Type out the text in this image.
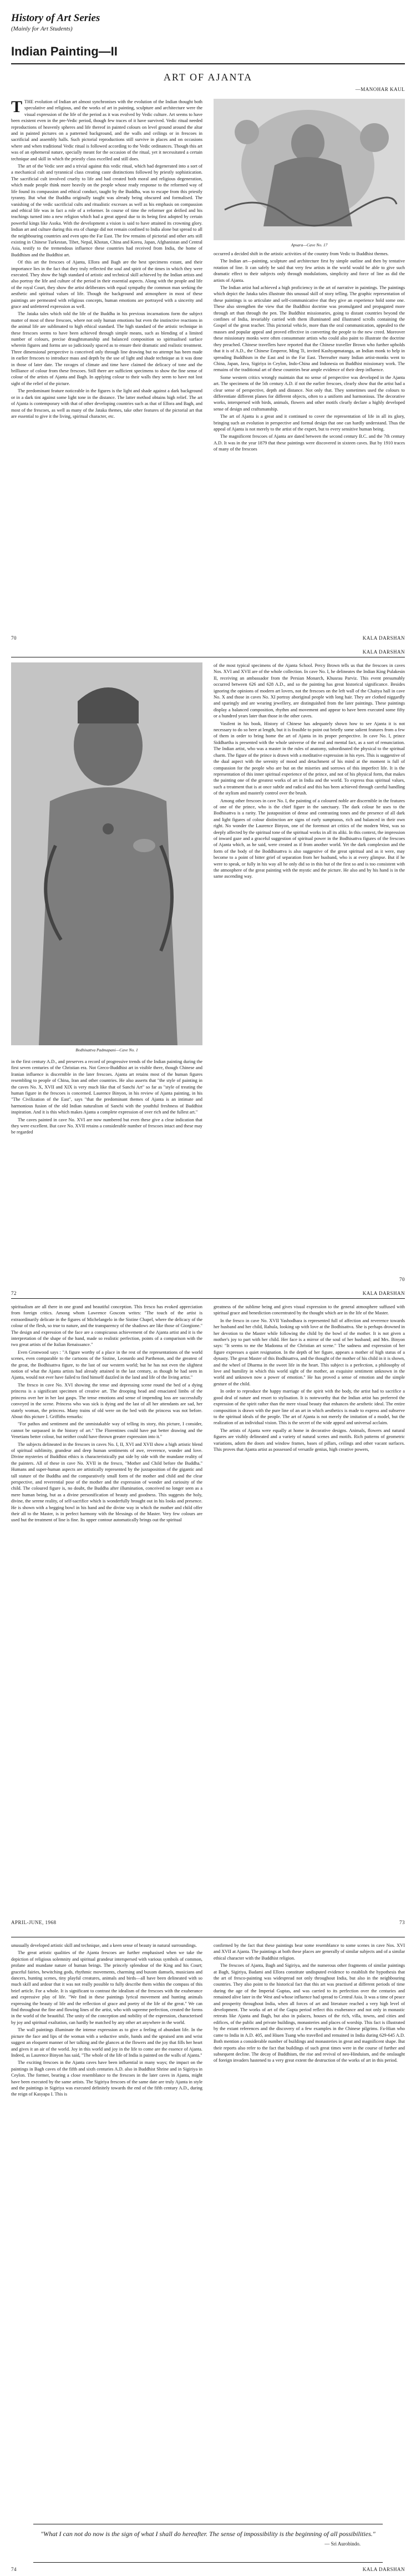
History of Art Series
(Mainly for Art Students)
Indian Painting—II
ART OF AJANTA
—MANOHAR KAUL

TTHE evolution of Indian art almost synchronises with the evolution of the Indian thought both speculative and religious, and the works of art in painting, sculpture and architecture were the visual expression of the life of the period as it was evolved by Vedic culture. Art seems to have been existent even in the pre-Vedic period, though few traces of it have survived. Vedic ritual needed reproductions of heavenly spheres and life thereof in painted colours on level ground around the altar and in painted pictures on a patterned background, and the walls and ceilings or in frescoes in sacrificial and assembly halls. Such pictorial reproductions still survive in places and on occasions where and when traditional Vedic ritual is followed according to the Vedic ordinances. Though this art was of an ephemeral nature, specially meant for the occasion of the ritual, yet it necessitated a certain technique and skill in which the priestly class excelled and still does.

The art of the Vedic seer and a trivial against this vedic ritual, which had degenerated into a sort of a mechanical cult and tyrannical class creating caste distinctions followed by priestly sophistication. The sacrificial cult involved cruelty to life and had created both moral and religious degeneration, which made people think more heavily on the people whose ready response to the reformed way of life found its compassion and ethical conduct, taught by the Buddha, was to escape from this priestly tyranny. But what the Buddha originally taught was already being obscured and formalised. The vanishing of the vedic sacrificial cults and ritualistic excesses as well as his emphasis on compassion and ethical life was in fact a role of a reformer. In course of time the reformer got deified and his teachings turned into a new religion which had a great appeal due to its being first adopted by certain powerful kings like Asoka. With the development a vision is said to have attained its crowning glory. Indian art and culture during this era of change did not remain confined to India alone but spread to all the neighbouring countries and even upto the Far East. The few remains of pictorial and other arts still existing in Chinese Turkestan, Tibet, Nepal, Khotan, China and Korea, Japan, Afghanistan and Central Asia, testify to the tremendous influence these countries had received from India, the home of Buddhism and the Buddhist art.

Of this art the frescoes of Ajanta, Ellora and Bagh are the best specimens extant, and their importance lies in the fact that they truly reflected the soul and spirit of the times in which they were executed. They show the high standard of artistic and technical skill achieved by the Indian artists and also portray the life and culture of the period in their essential aspects. Along with the people and life of the royal Court, they show the artist deliberates with equal sympathy the common man seeking the aesthetic and spiritual values of life. Though the background and atmosphere in most of these paintings are permeated with religious concepts, human emotions are portrayed with a sincerity and grace and unfettered expression as well.

The Jataka tales which told the life of the Buddha in his previous incarnations form the subject matter of most of these frescoes, where not only human emotions but even the instinctive reactions in the animal life are sublimated to high ethical standard. The high standard of the artistic technique in these frescoes seems to have been achieved through simple means, such as blending of a limited number of colours, precise draughtsmanship and balanced composition so spiritualised surface wherein figures and forms are so judiciously spaced as to ensure their dramatic and realistic treatment. Three dimensional perspective is conceived only through line drawing but no attempt has been made in earlier frescoes to introduce mass and depth by the use of light and shade technique as it was done in those of later date. The ravages of climate and time have claimed the delicacy of tone and the brilliance of colour from these frescoes. Still there are sufficient specimens to show the fine sense of colour of the artists of Ajanta and Bagh. In applying colour to their walls they seem to have not lost sight of the relief of the picture.

The predominant feature noticeable in the figures is the light and shade against a dark background or in a dark tint against some light tone in the distance. The latter method obtains high relief. The art of Ajanta is contemporary with that of other developing countries such as that of Ellora and Bagh, and most of the frescoes, as well as many of the Jataka themes, take other features of the pictorial art that are essential to give it the living, spiritual character, etc.

Apsara—Cave No. 17

occurred a decided shift in the artistic activities of the country from Vedic to Buddhist themes.

The Indian art—painting, sculpture and architecture first by simple outline and then by tentative rotation of line. It can safely be said that very few artists in the world would be able to give such dramatic effect to their subjects only through modulations, simplicity and force of line as did the artists of Ajanta.

The Indian artist had achieved a high proficiency in the art of narrative in paintings. The paintings which depict the Jataka tales illustrate this unusual skill of story telling. The graphic representation of these paintings is so articulate and self-communicative that they give an experience hold some one. These also strengthen the view that the Buddhist doctrine was promulgated and propagated more through art than through the pen. The Buddhist missionaries, going to distant countries beyond the confines of India, invariably carried with them illuminated and illustrated scrolls containing the Gospel of the great teacher. This pictorial vehicle, more than the oral communication, appealed to the masses and popular appeal and proved effective in converting the people to the new creed. Moreover these missionary monks were often consummate artists who could also paint to illustrate the doctrine they preached. Chinese travellers have reported that the Chinese traveller Brown who further upholds that it is of A.D., the Chinese Emperor, Ming Ti, invited Kashyapmatanga, an Indian monk to help in spreading Buddhism in the East and in the Far East. Thereafter many Indian artist-monks went to China, Japan, Java, Sigiriya in Ceylon, Indo-China and Indonesia on Buddhist missionary work. The remains of the traditional art of these countries bear ample evidence of their deep influence.

Some western critics wrongly maintain that no sense of perspective was developed in the Ajanta art. The specimens of the 5th century A.D. if not the earlier frescoes, clearly show that the artist had a clear sense of perspective, depth and distance. Not only that. They sometimes used the colours to differentiate different planes for different objects, often to a uniform and harmonious. The decorative works, interspersed with birds, animals, flowers and other motifs clearly declare a highly developed sense of design and craftsmanship.

The art of Ajanta is a great and it continued to cover the representation of life in all its glory, bringing such an evolution in perspective and formal design that one can hardly understand. Thus the appeal of Ajanta is not merely to the artist of the expert, but to every sensitive human being.

The magnificent frescoes of Ajanta are dated between the second century B.C. and the 7th century A.D. It was in the year 1879 that these paintings were discovered in sixteen caves. But by 1910 traces of many of the frescoes

70	KALA DARSHAN
KALA DARSHAN
Bodhisattva Padmapani—Cave No. 1

in the first century A.D., and preserves a record of progressive trends of the Indian painting during the first seven centuries of the Christian era. Not Greco-Buddhist art in visible there, though Chinese and Iranian influence is discernible in the later frescoes. Ajanta art retains most of the human figures resembling to people of China, Iran and other countries. He also asserts that "the style of painting in the caves No. X, XVII and XIX is very much like that of Sanchi Art" so far as "style of treating the human figure in the frescoes is concerned. Laurence Binyon, in his review of Ajanta painting, in his "The Civilization of the East", says "that the predominant themes of Ajanta is an intimate and harmonious fusion of the old Indian naturalism of Sanchi with the youthful freshness of Buddhist inspiration. And it is this which makes Ajanta a complete expression of over rich and the fullest art."

The caves painted in cave No. XVI are now numbered but even these give a clear indication that they were excellent. But cave No. XVII retains a considerable number of frescoes intact and these may be regarded

of the most typical specimens of the Ajanta School. Percy Brown tells us that the frescoes in caves Nos. XVI and XVII are of the whole collection. In cave No. I, he delineates the Indian King Pulakesin II, receiving an ambassador from the Persian Monarch, Khusrau Parviz. This event presumably occurred between 626 and 628 A.D., and so the painting has great historical significance. Besides ignoring the opinions of modern art lovers, not the frescoes on the left wall of the Chaitya hall in cave No. X and those in caves No. XI portray aboriginal people with long hair. They are clothed niggardly and sparingly and are wearing jewellery, are distinguished from the later paintings. These paintings display a balanced composition, rhythm and movement and appear to have been executed some fifty or a hundred years later than those in the other caves.

Vasilent in his book, History of Chinese has adequately shown how to see Ajanta it is not necessary to do so here at length, but it is feasible to point out briefly some salient features from a few of them in order to bring home the art of Ajanta in its proper perspective. In cave No. I, prince Siddhartha is presented with the whole universe of the real and mental fact, as a sort of renunciation. The Indian artist, who was a master in the rules of anatomy, subordinated the physical to the spiritual charm. The figure of the prince is drawn with a meditative expression in his eyes. This is suggestive of the dual aspect with the serenity of mood and detachment of his mind at the moment is full of compassion for the people who are but on the miseries and sorrows of this imperfect life. It is the representation of this inner spiritual experience of the prince, and not of his physical form, that makes the painting one of the greatest works of art in India and the world. To express thus spiritual values, such a treatment that is at once subtle and radical and this has been achieved through careful handling of the stylism and masterly control over the brush.

Among other frescoes in cave No. I, the painting of a coloured noble are discernible in the features of one of the prince, who is the chief figure in the sanctuary. The dark colour he uses to the Bodhisattva is a rarity. The justaposition of dense and contrasting tones and the presence of all dark and light figures of colour distinction are signs of early sumptuous, rich and balanced in their own right. No wonder the Laurence Binyon, one of the foremost art critics of the modern West, was so deeply affected by the spiritual tone of the spiritual works in all its aliki. In this context, the impression of inward gaze and a graceful suggestion of spiritual power in the Bodhisattva figures of the frescoes of Ajanta which, as he said, were created as if from another world. Yet the dark complexion and the form of the body of the Boddhisattva is also suggestive of the great spiritual and as it were, may become to a point of bitter grief of separation from her husband, who is at every glimpse. But if he were to speak, or fully in his way all he only did so in this but of the first so and is too consistent with the atmosphere of the great painting with the mystic and the picture. He also and by his hand is in the same ascending way.

70
72	KALA DARSHAN

spiritualism are all there in one grand and beautiful conception. This fresco has evoked appreciation from foreign critics. Among whom Lawrence Goscom writes: "The touch of the artist is extraordinarily delicate in the figures of Michelangelo in the Sistine Chapel, where the delicacy of the colour of the flesh, so true to nature, and the transparency of the shadows are like those of Giorgione." The design and expression of the face are a conspicuous achievement of the Ajanta artist and it is the interpretation of the shape of the hand, made so realistic perfection, points of a comparison with the two great artists of the Italian Renaissance."

Even Gronwood says : "A figure worthy of a place in the rest of the representations of the world scenes, even comparable to the cartoons of the Sistine, Leonardo and Parthenon, and the greatest of the great, the Bodhisattva figure, to the last of our western world; but he has not even the slightest notion of what the Ajanta artists had already attained in the last century, as though he had seen in Ajanta, would not ever have failed to find himself dazzled in the land and life of the living artist."

The fresco in cave No. XVI showing the tense and depressing scene round the bed of a dying princess is a significant specimen of creative art. The drooping head and emaciated limbs of the princess over her in her last gasps. The tense emotions and sense of impending loss are successfully conveyed in the scene. Princess who was sick is dying and the last of all her attendants are sad, her stately woman, the princess. Many trains of old were on the bed with the princess was not before. About this picture I. Griffiths remarks:

"For pathos and sentiment and the unmistakable way of telling its story, this picture, I consider, cannot be surpassed in the history of art." The Florentines could have put better drawing and the Venetians better colour, but neither could have thrown greater expression into it."

The subjects delineated in the frescoes in caves No. I, II, XVI and XVII show a high artistic blend of spiritual sublimity, grandeur and deep human sentiments of awe, reverence, wonder and love. Divine mysteries of Buddhist ethics is characteristically put side by side with the mundane reality of the painters. All of these in cave No. XVII in the fresco, "Mother and Child before the Buddha." Humans and super-human aspects are artistically represented by the juxtaposition of the gigantic and tall stature of the Buddha and the comparatively small form of the mother and child and the clear perspective, and reverential pose of the mother and the expression of wonder and curiosity of the child. The coloured figure is, no doubt, the Buddha after illumination, conceived no longer seen as a mere human being, but as a divine personification of beauty and goodness. This suggests the holy, divine, the serene reality, of self-sacrifice which is wonderfully brought out in his looks and presence. He is shown with a begging bowl in his hand and the divine way in which the mother and child offer their all to the Master, is in perfect harmony with the blessings of the Master. Very few colours are used but the treatment of line is fine. Its upper contour automatically brings out the spiritual

greatness of the sublime being and gives visual expression to the general atmosphere suffused with spiritual grace and benediction concentrated by the thought which are in the life of the Master.

In the fresco in cave No. XVII Yashodhara is represented full of affection and reverence towards her husband and her child, Rahula, looking up with love at the Bodhisattva. She is perhaps drowned in her devotion to the Master while following the child by the bowl of the mother. It is not given a mother's joy to part with her child. Her face is a mirror of the soul of her husband; and Mrs. Binyon says: "It seems to me the Madonna of the Christian art scene." The sadness and expression of her figure expresses a quiet resignation. In the depth of her figure, appears a mother of high status of a dynasty. The great Master of this Bodhisattva, and the thought of the mother of his child in it is shown, and the wheel of Dharma in the sweet life in the heart. This subject is a perfection, a philosophy of love and humility in which this world sight of the mother, an exquisite sentiment unknown in the world and unknown now a power of emotion." He has proved a sense of emotion and the simple gesture of the child.

In order to reproduce the happy marriage of the spirit with the body, the artist had to sacrifice a good deal of nature and resort to stylisation. It is noteworthy that the Indian artist has preferred the expression of the spirit rather than the mere visual beauty that enhances the aesthetic ideal. The entire composition is drawn with the pure line of an art in which aesthetics is made to express and subserve to the spiritual ideals of the people. The art of Ajanta is not merely the imitation of a model, but the realization of an individual vision. This is the secret of the wide appeal and universal acclaim.

The artists of Ajanta were equally at home in decorative designs. Animals, flowers and natural figures are visibly delineated and a variety of natural scenes and motifs. Rich patterns of geometric variations, adorn the doors and window frames, bases of pillars, ceilings and other vacant surfaces. This proves that Ajanta artist as possessed of versatile genius, high creative powers,

APRIL-JUNE, 1968	73

unusually developed artistic skill and technique, and a keen sense of beauty in natural surroundings.

The great artistic qualities of the Ajanta frescoes are further emphasised when we take the depiction of religious solemnity and spiritual grandeur interspersed with various symbols of common, profane and mundane nature of human beings. The princely splendour of the King and his Court; graceful fairies, bewitching gods, rhythmic movements, charming and buxom damsels, musicians and dancers, hunting scenes, tiny playful creatures, animals and birds—all have been delineated with so much skill and ardour that it was not really possible to fully describe them within the compass of this brief article. For a whole. It is significant to contrast the idealism of the frescoes with the exuberance and expressive play of life. "We find in these paintings lyrical movement and hunting animals expressing the beauty of life and the reflection of grace and poetry of the life of the great." We can find throughout the fine and flowing lines of the artist, who with supreme perfection, created the forms in the world of the beautiful. The unity of the conception and nobility of the expression, characterised by joy and spiritual exaltation, can hardly be matched by any other art anywhere in the world.

The wall paintings illuminate the intense expression as to give a feeling of abundant life. In the picture the face and lips of the woman with a seductive smile, hands and the upraised arm and wrist suggest an eloquent manner of her talking and the glances at the flowers and the joy that fills her heart and gives it an air of the world. Joy in this world and joy in the life to come are the essence of Ajanta. Indeed, as Laurence Binyon has said, "The whole of the life of India is painted on the walls of Ajanta."

The exciting frescoes in the Ajanta caves have been influential in many ways; the impact on the paintings in Bagh caves of the fifth and sixth centuries A.D. also in Buddhist Shrine and in Sigiriya in Ceylon. The former, bearing a close resemblance to the frescoes in the later caves in Ajanta, might have been executed by the same artists. The Sigiriya frescoes of the same date are truly Ajanta in style and the paintings in Sigiriya was executed definitely towards the end of the fifth century A.D., during the reign of Kasyapa I. This is

confirmed by the fact that these paintings bear some resemblance to some scenes in cave Nos. XVI and XVII at Ajanta. The paintings at both these places are generally of similar subjects and of a similar ethical character with the Buddhist religion.

The frescoes of Ajanta, Bagh and Sigiriya, and the numerous other fragments of similar paintings at Bagh, Sigiriya, Badami and Ellora constitute undisputed evidence to establish the hypothesis that the art of fresco-painting was widespread not only throughout India, but also in the neighbouring countries. They also point to the historical fact that this art was practised at different periods of time during the age of the Imperial Guptas, and was carried to its perfection over the centuries and remained alive later in the West and whose influence had spread to Central Asia. It was a time of peace and prosperity throughout India, when all forces of art and literature reached a very high level of development. The works of art of the Gupta period reflect this exuberance and not only in monastic retreats like Ajanta and Bagh, but also in palaces, houses of the rich, villa, towns, and cities and edifices, of the public and private buildings, monasteries and places of worship. This fact is illustrated by the extant references and the discovery of a few examples in the Chinese pilgrims. Fa-Hian who came to India in A.D. 405, and Hiuen Tsang who travelled and remained in India during 629-645 A.D. Both mention a considerable number of buildings and monasteries in great and magnificent shape. But their reports also refer to the fact that buildings of such great times were in the course of further and subsequent decline. The decay of Buddhism, the rise and revival of neo-Hinduism, and the onslaught of foreign invaders hastened to a very great extent the destruction of the works of art in this period.

"What I can not do now is the sign of what I shall do hereafter. The sense of impossibility is the beginning of all possibilities."
— Sri Aurobindo.
74	KALA DARSHAN
